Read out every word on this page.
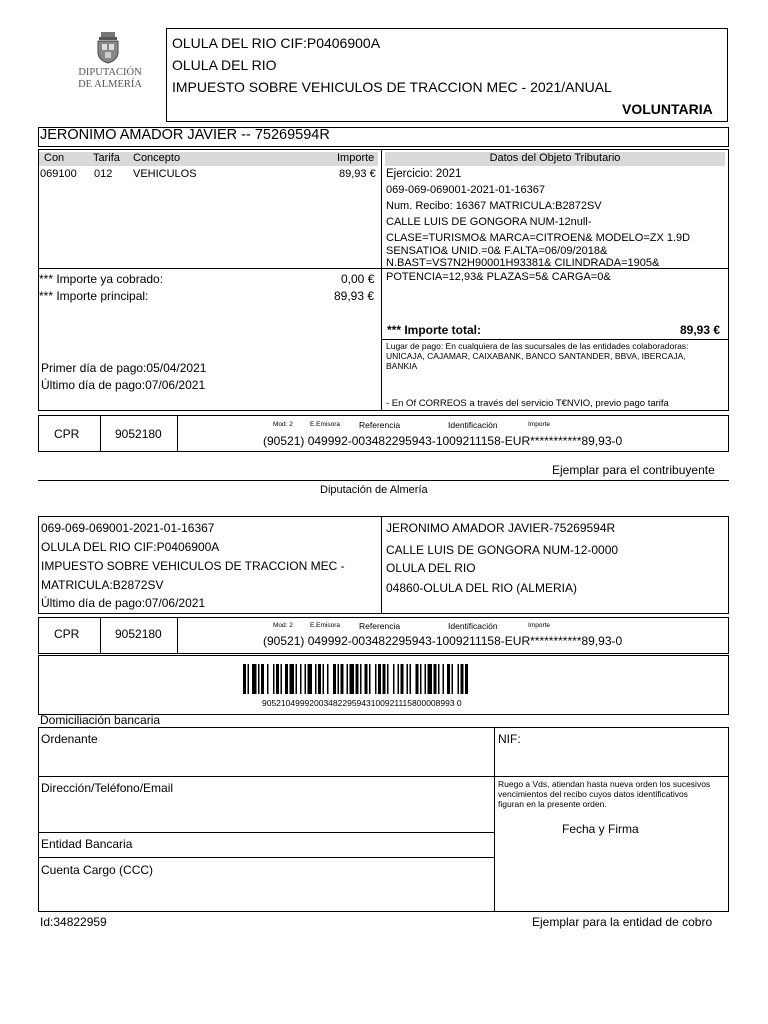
DIPUTACIÓN
DE ALMERÍA
OLULA DEL RIO CIF:P0406900A
OLULA DEL RIO
IMPUESTO SOBRE VEHICULOS DE TRACCION MEC - 2021/ANUAL
VOLUNTARIA
JERONIMO AMADOR JAVIER -- 75269594R
Con	Tarifa Concepto	Importe
069100 012 VEHICULOS	89,93 €
Datos del Objeto Tributario
Ejercicio: 2021
069-069-069001-2021-01-16367
Num. Recibo: 16367 MATRICULA:B2872SV
CALLE LUIS DE GONGORA NUM-12null-
CLASE=TURISMO& MARCA=CITROEN& MODELO=ZX 1.9D
SENSATIO& UNID.=0& F.ALTA=06/09/2018&
N.BAST=VS7N2H90001H93381& CILINDRADA=1905&
POTENCIA=12,93& PLAZAS=5& CARGA=0&
*** Importe ya cobrado:	0,00 €
*** Importe principal:	89,93 €
*** Importe total:	89,93 €
Primer día de pago:05/04/2021
Último día de pago:07/06/2021
Lugar de pago: En cualquiera de las sucursales de las entidades colaboradoras:
UNICAJA, CAJAMAR, CAIXABANK, BANCO SANTANDER, BBVA, IBERCAJA,
BANKIA
- En Of CORREOS a través del servicio T€NVIO, previo pago tarifa
CPR	9052180
Mod: 2	E.Emisora Referencia	Identificación	Importe
(90521) 049992-003482295943-1009211158-EUR***********89,93-0
Ejemplar para el contribuyente
Diputación de Almería
069-069-069001-2021-01-16367
OLULA DEL RIO CIF:P0406900A
IMPUESTO SOBRE VEHICULOS DE TRACCION MEC -
MATRICULA:B2872SV
Último día de pago:07/06/2021
JERONIMO AMADOR JAVIER-75269594R
CALLE LUIS DE GONGORA NUM-12-0000
OLULA DEL RIO
04860-OLULA DEL RIO (ALMERIA)
CPR	9052180
Mod: 2	E.Emisora Referencia	Identificación	Importe
(90521) 049992-003482295943-1009211158-EUR***********89,93-0
90521049992003482295943100921115800008993 0
Domiciliación bancaria
Ordenante	NIF:
Dirección/Teléfono/Email	Ruego a Vds, atiendan hasta nueva orden los sucesivos
vencimientos del recibo cuyos datos identificativos
figuran en la presente orden.
Fecha y Firma
Entidad Bancaria
Cuenta Cargo (CCC)
Id:34822959	Ejemplar para la entidad de cobro
